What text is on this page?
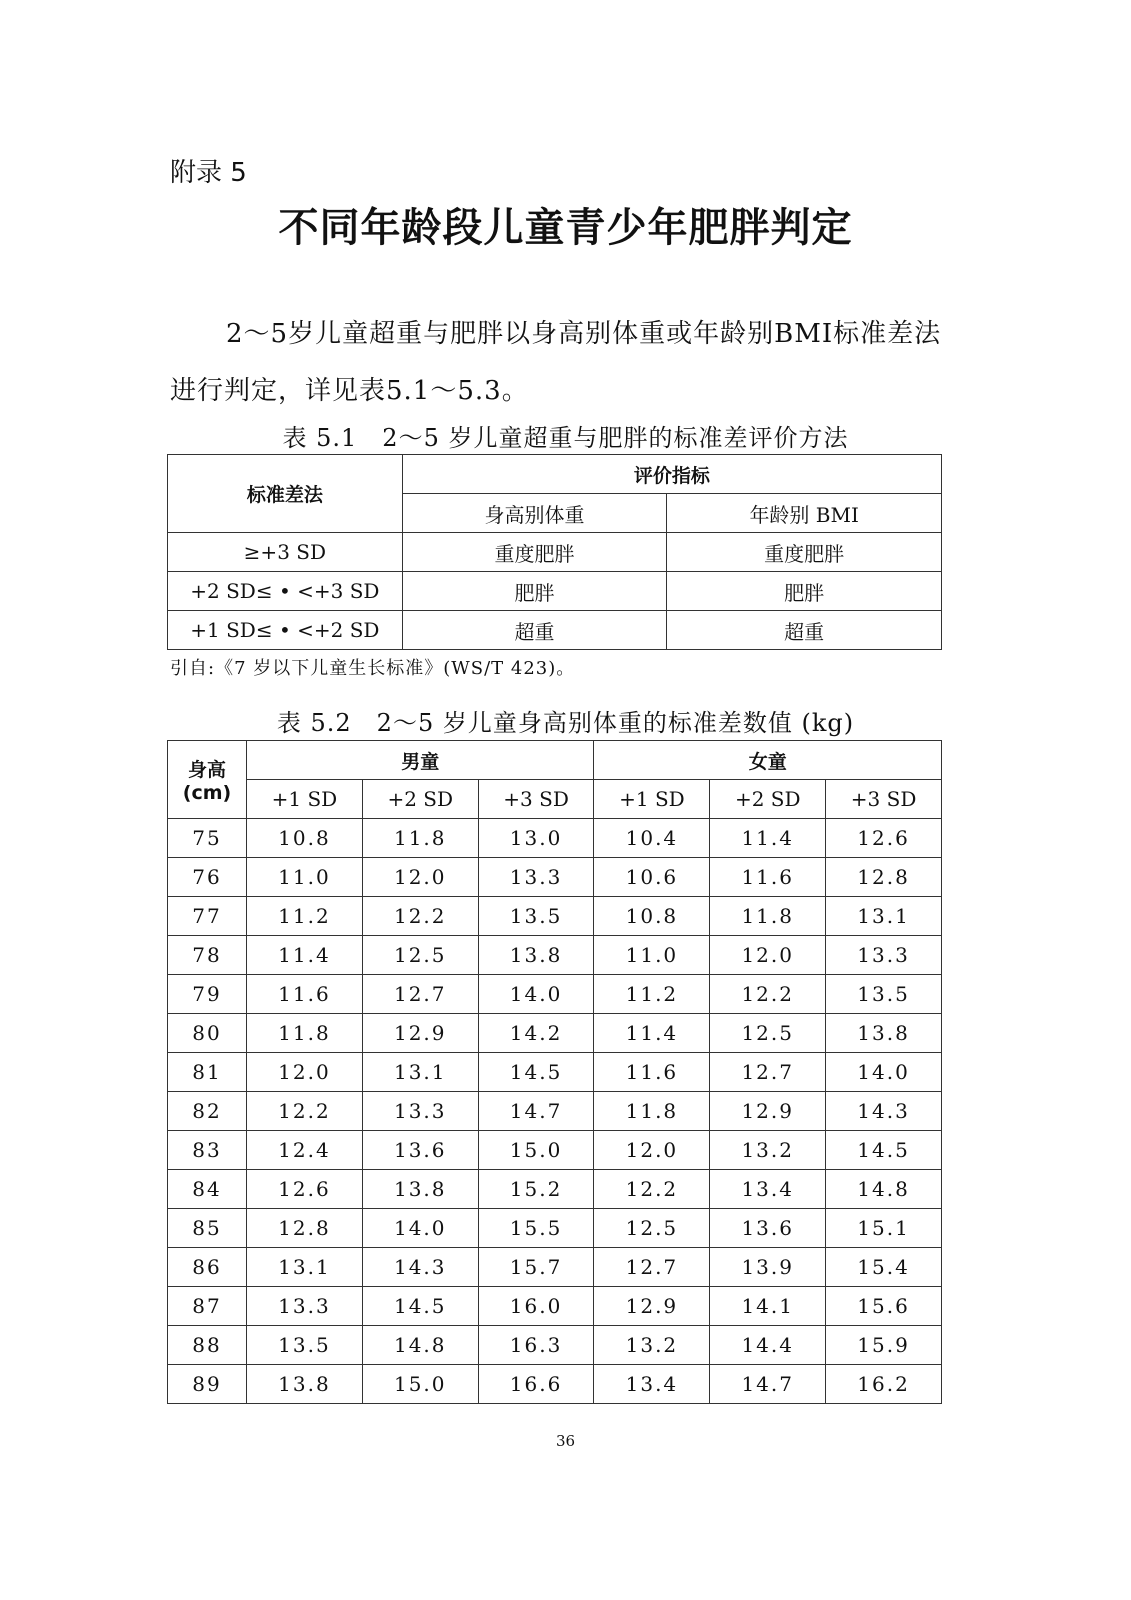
附录 5
不同年龄段儿童青少年肥胖判定
2～5岁儿童超重与肥胖以身高别体重或年龄别BMI标准差法进行判定，详见表5.1～5.3。
表 5.1　2～5 岁儿童超重与肥胖的标准差评价方法
标准差法	评价指标	
	身高别体重	年龄别 BMI
≥+3 SD	重度肥胖	重度肥胖
+2 SD≤ • <+3 SD	肥胖	肥胖
+1 SD≤ • <+2 SD	超重	超重
引自:《7 岁以下儿童生长标准》(WS/T 423)。
表 5.2　2～5 岁儿童身高别体重的标准差数值 (kg)
身高
(cm)	男童			女童		
	+1 SD	+2 SD	+3 SD	+1 SD	+2 SD	+3 SD
75	10.8	11.8	13.0	10.4	11.4	12.6
76	11.0	12.0	13.3	10.6	11.6	12.8
77	11.2	12.2	13.5	10.8	11.8	13.1
78	11.4	12.5	13.8	11.0	12.0	13.3
79	11.6	12.7	14.0	11.2	12.2	13.5
80	11.8	12.9	14.2	11.4	12.5	13.8
81	12.0	13.1	14.5	11.6	12.7	14.0
82	12.2	13.3	14.7	11.8	12.9	14.3
83	12.4	13.6	15.0	12.0	13.2	14.5
84	12.6	13.8	15.2	12.2	13.4	14.8
85	12.8	14.0	15.5	12.5	13.6	15.1
86	13.1	14.3	15.7	12.7	13.9	15.4
87	13.3	14.5	16.0	12.9	14.1	15.6
88	13.5	14.8	16.3	13.2	14.4	15.9
89	13.8	15.0	16.6	13.4	14.7	16.2
36
